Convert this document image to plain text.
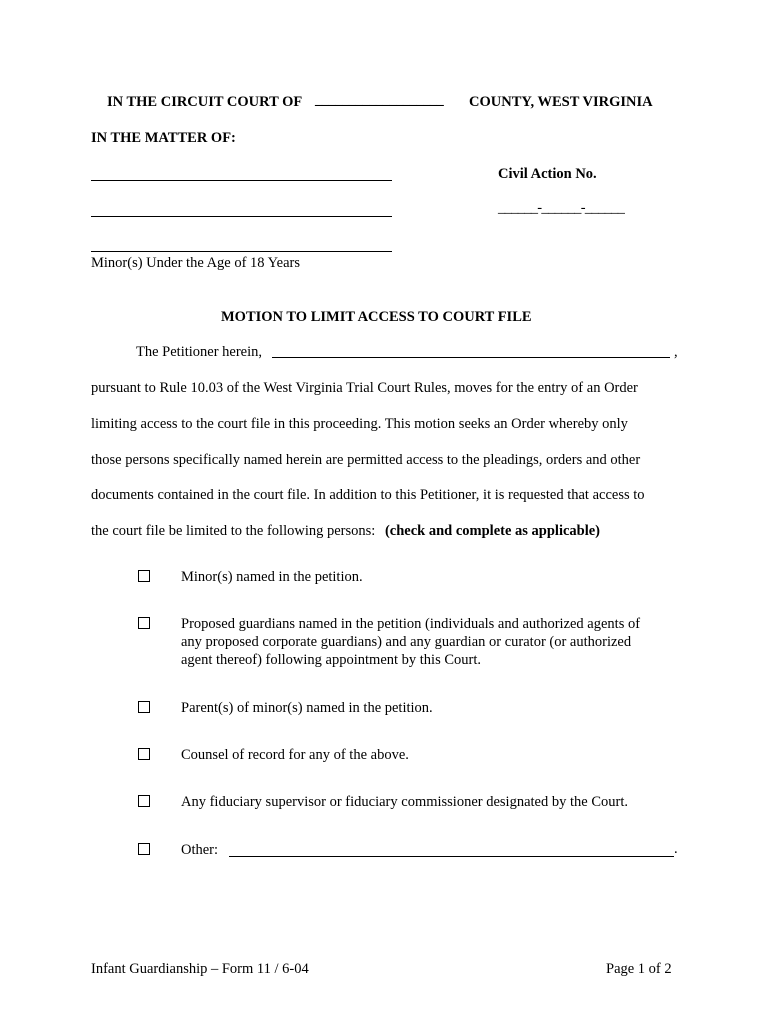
IN THE CIRCUIT COURT OF ___________________ COUNTY, WEST VIRGINIA
IN THE MATTER OF:
Minor(s) Under the Age of 18 Years
Civil Action No.
______-______-______
MOTION TO LIMIT ACCESS TO COURT FILE
The Petitioner herein,	,
pursuant to Rule 10.03 of the West Virginia Trial Court Rules, moves for the entry of an Order
limiting access to the court file in this proceeding. This motion seeks an Order whereby only
those persons specifically named herein are permitted access to the pleadings, orders and other
documents contained in the court file. In addition to this Petitioner, it is requested that access to
the court file be limited to the following persons: (check and complete as applicable)
Minor(s) named in the petition.
Proposed guardians named in the petition (individuals and authorized agents of
any proposed corporate guardians) and any guardian or curator (or authorized
agent thereof) following appointment by this Court.
Parent(s) of minor(s) named in the petition.
Counsel of record for any of the above.
Any fiduciary supervisor or fiduciary commissioner designated by the Court.
Other:	.
Infant Guardianship – Form 11 / 6-04	Page 1 of 2
